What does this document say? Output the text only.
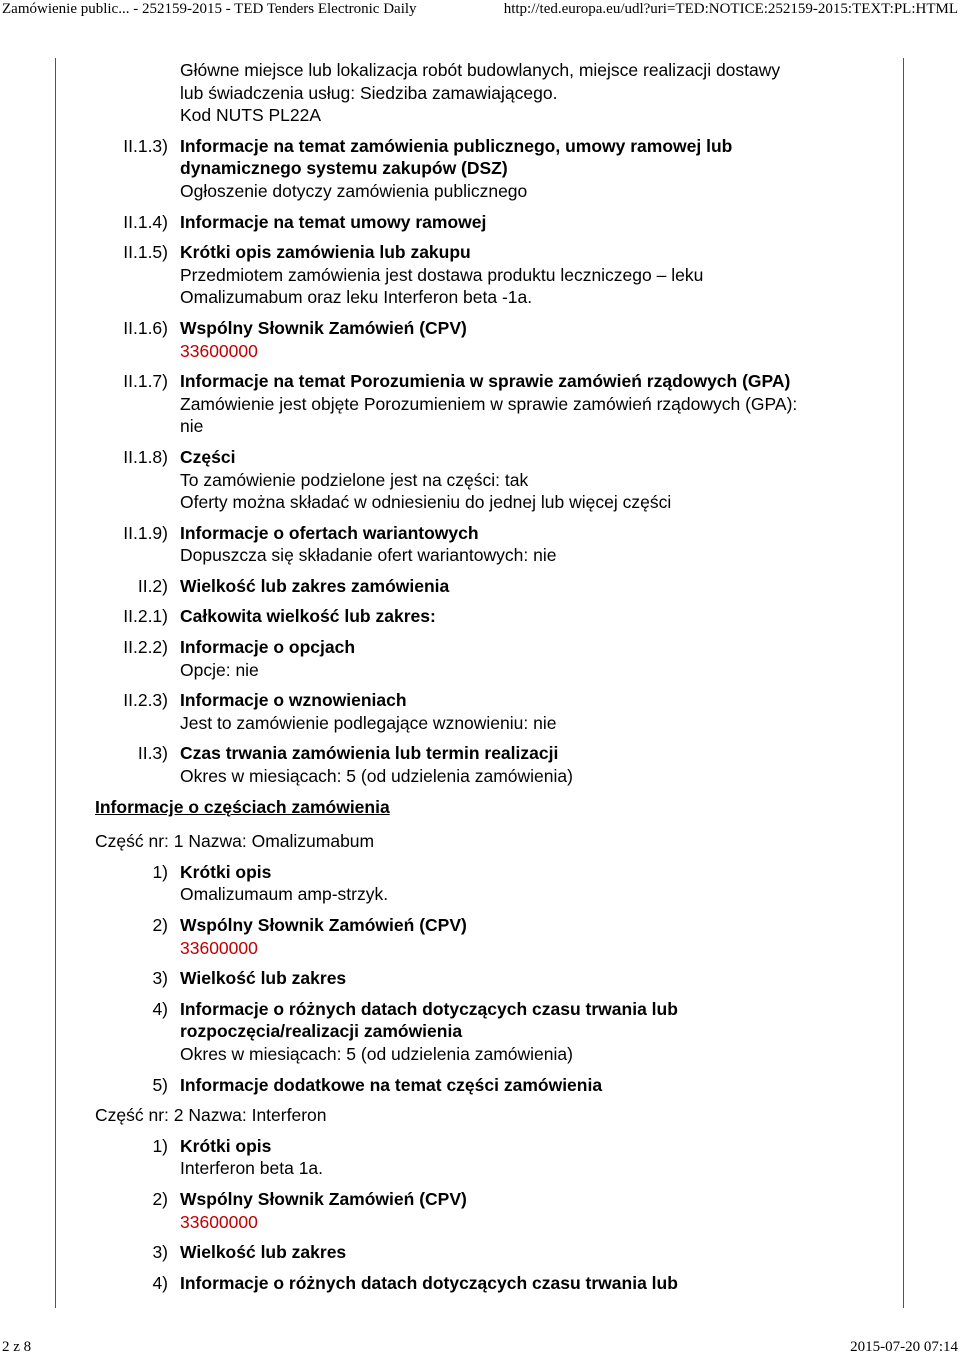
Zamówienie public... - 252159-2015 - TED Tenders Electronic Daily	http://ted.europa.eu/udl?uri=TED:NOTICE:252159-2015:TEXT:PL:HTML
Główne miejsce lub lokalizacja robót budowlanych, miejsce realizacji dostawy
lub świadczenia usług: Siedziba zamawiającego.
Kod NUTS PL22A
II.1.3) Informacje na temat zamówienia publicznego, umowy ramowej lub
dynamicznego systemu zakupów (DSZ)
Ogłoszenie dotyczy zamówienia publicznego
II.1.4) Informacje na temat umowy ramowej
II.1.5) Krótki opis zamówienia lub zakupu
Przedmiotem zamówienia jest dostawa produktu leczniczego – leku
Omalizumabum oraz leku Interferon beta -1a.
II.1.6) Wspólny Słownik Zamówień (CPV)
33600000
II.1.7) Informacje na temat Porozumienia w sprawie zamówień rządowych (GPA)
Zamówienie jest objęte Porozumieniem w sprawie zamówień rządowych (GPA):
nie
II.1.8) Części
To zamówienie podzielone jest na części: tak
Oferty można składać w odniesieniu do jednej lub więcej części
II.1.9) Informacje o ofertach wariantowych
Dopuszcza się składanie ofert wariantowych: nie
II.2) Wielkość lub zakres zamówienia
II.2.1) Całkowita wielkość lub zakres:
II.2.2) Informacje o opcjach
Opcje: nie
II.2.3) Informacje o wznowieniach
Jest to zamówienie podlegające wznowieniu: nie
II.3) Czas trwania zamówienia lub termin realizacji
Okres w miesiącach: 5 (od udzielenia zamówienia)
Informacje o częściach zamówienia
Część nr: 1 Nazwa: Omalizumabum
1) Krótki opis
Omalizumaum amp-strzyk.
2) Wspólny Słownik Zamówień (CPV)
33600000
3) Wielkość lub zakres
4) Informacje o różnych datach dotyczących czasu trwania lub
rozpoczęcia/realizacji zamówienia
Okres w miesiącach: 5 (od udzielenia zamówienia)
5) Informacje dodatkowe na temat części zamówienia
Część nr: 2 Nazwa: Interferon
1) Krótki opis
Interferon beta 1a.
2) Wspólny Słownik Zamówień (CPV)
33600000
3) Wielkość lub zakres
4) Informacje o różnych datach dotyczących czasu trwania lub
2 z 8	2015-07-20 07:14
